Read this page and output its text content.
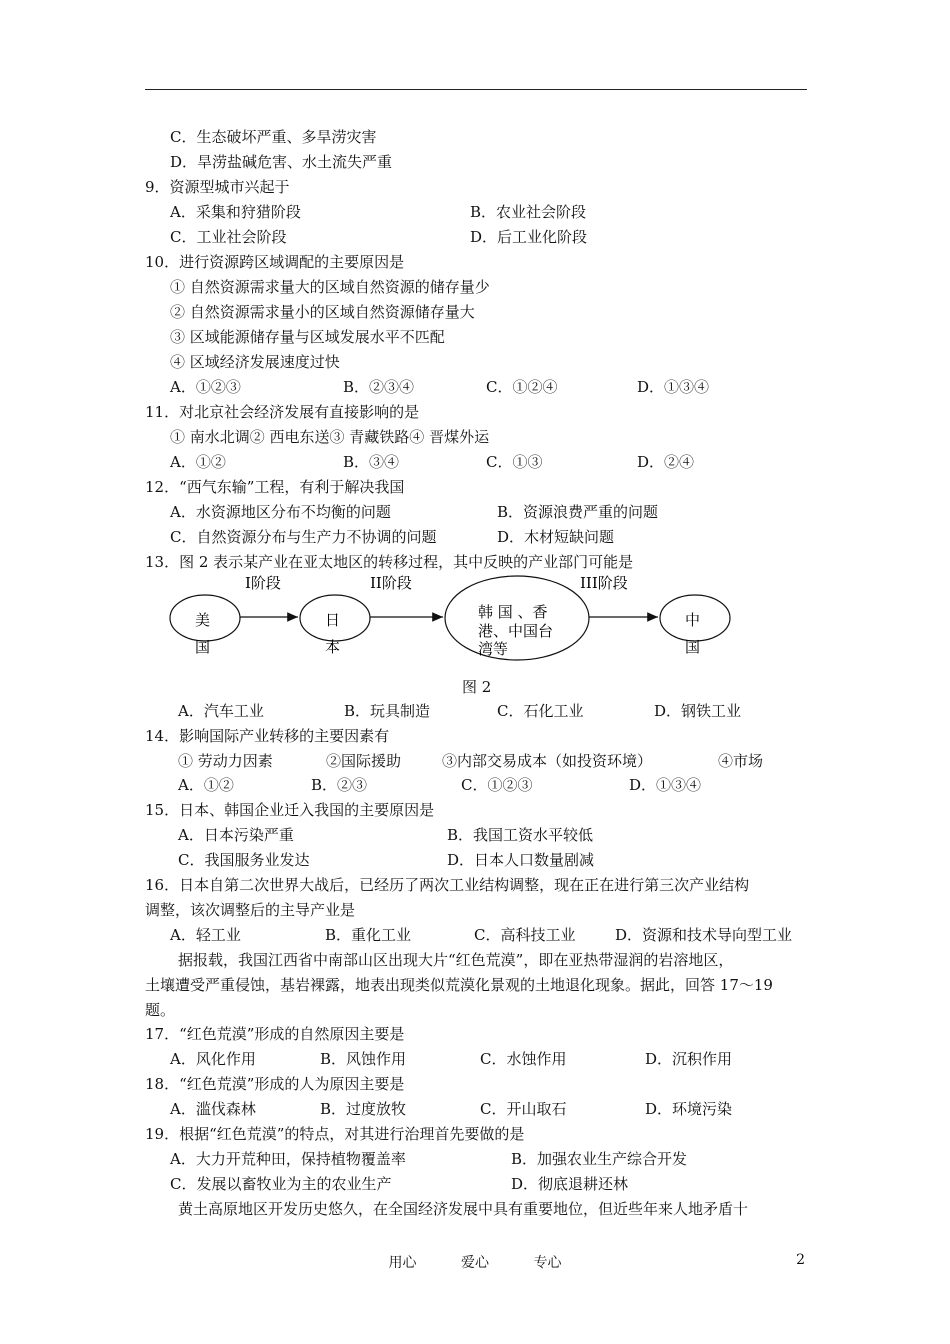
C．生态破坏严重、多旱涝灾害
D．旱涝盐碱危害、水土流失严重
9．资源型城市兴起于
A．采集和狩猎阶段	B．农业社会阶段
C．工业社会阶段	D．后工业化阶段
10．进行资源跨区域调配的主要原因是
① 自然资源需求量大的区域自然资源的储存量少
② 自然资源需求量小的区域自然资源储存量大
③ 区域能源储存量与区域发展水平不匹配
④ 区域经济发展速度过快
A．①②③	B．②③④	C．①②④	D．①③④
11．对北京社会经济发展有直接影响的是
① 南水北调② 西电东送③ 青藏铁路④ 晋煤外运
A．①②	B．③④	C．①③	D．②④
12．“西气东输”工程，有利于解决我国
A．水资源地区分布不均衡的问题	B．资源浪费严重的问题
C．自然资源分布与生产力不协调的问题	D．木材短缺问题
13．图 2 表示某产业在亚太地区的转移过程，其中反映的产业部门可能是
A．汽车工业	B．玩具制造	C．石化工业	D．钢铁工业
14．影响国际产业转移的主要因素有
① 劳动力因素	②国际援助	③内部交易成本（如投资环境）	④市场
A．①②	B．②③	C．①②③	D．①③④
15．日本、韩国企业迁入我国的主要原因是
A．日本污染严重	B．我国工资水平较低
C．我国服务业发达	D．日本人口数量剧减
16．日本自第二次世界大战后，已经历了两次工业结构调整，现在正在进行第三次产业结构
调整，该次调整后的主导产业是
A．轻工业	B．重化工业	C．高科技工业	D．资源和技术导向型工业
据报载，我国江西省中南部山区出现大片“红色荒漠”，即在亚热带湿润的岩溶地区，
土壤遭受严重侵蚀，基岩裸露，地表出现类似荒漠化景观的土地退化现象。据此，回答 17～19
题。
17．“红色荒漠”形成的自然原因主要是
A．风化作用	B．风蚀作用	C．水蚀作用	D．沉积作用
18．“红色荒漠”形成的人为原因主要是
A．滥伐森林	B．过度放牧	C．开山取石	D．环境污染
19．根据“红色荒漠”的特点，对其进行治理首先要做的是
A．大力开荒种田，保持植物覆盖率	B．加强农业生产综合开发
C．发展以畜牧业为主的农业生产	D．彻底退耕还林
黄土高原地区开发历史悠久，在全国经济发展中具有重要地位，但近些年来人地矛盾十
I阶段	II阶段	III阶段
美
国
日
本
韩 国 、香
港、中国台
湾等
中
国
图 2
用心	爱心	专心	2
